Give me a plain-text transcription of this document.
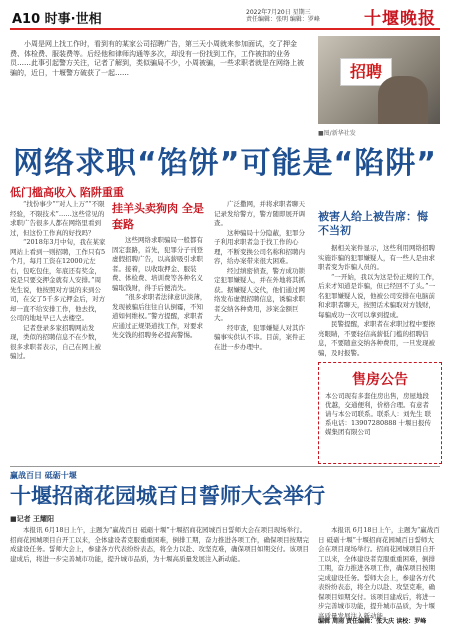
A10 时事·世相	2022年7月20日 星期三
责任编辑：张明 编辑：罗峰	十堰晚报
小周是网上找工作时，看到有的某家公司招聘广告，第三天小周就来参加面试，交了押金费、体检费、服装费等。后经他和律师沟通等多次，却没有一份找到工作，工作被扣的业务员……此事引起警方关注，记者了解到，类似骗局不少，小周被骗，一些求职者就是在网络上被骗的，近日，十堰警方破获了一起……	招聘
■图/新华社发
网络求职“馅饼”可能是“陷阱”
低门槛高收入 陷阱重重

“找份事少”“对人上万”“不限经验，不限技术”……这些常见的求职广告很多人都在网络里看到过，但这份工作真的好找吗？

“2018年3月中旬，我在某家网站上看到一则招聘，工作只有5个月，每月工资在12000元左右，包吃包住，年底还有奖金，说是只要交押金就有人安排。”周先生说，他按照对方说的来到公司，在交了5千多元押金后，对方却一直不给安排工作，他去找，公司的地址早已人去楼空。

记者登录多家招聘网站发现，类似的招聘信息不在少数，很多求职者表示，自己在网上被骗过。

挂羊头卖狗肉 全是套路

这些网络求职骗局一般都有固定套路，首先，犯罪分子刊登虚假招聘广告，以高薪吸引求职者。接着，以收取押金、服装费、体检费、培训费等各种名义骗取钱财，得手后便消失。

“很多求职者法律意识淡薄，发现被骗后往往自认倒霉，不知道如何维权。”警方提醒，求职者应通过正规渠道找工作，对要求先交钱的招聘务必提高警惕。

广泛撒网，并将求职者聊天记录发给警方，警方随即展开调查。

这种骗局十分隐蔽，犯罪分子利用求职者急于找工作的心理，不断变换公司名称和招聘内容，给办案带来很大困难。

经过缜密侦查，警方成功锁定犯罪嫌疑人，并在外地将其抓获。据嫌疑人交代，他们通过网络发布虚假招聘信息，诱骗求职者交纳各种费用，涉案金额巨大。

经审查，犯罪嫌疑人对其诈骗事实供认不讳。目前，案件正在进一步办理中。

被害人给上被告席：悔不当初

据相关案件显示，这些利用网络招聘实施诈骗的犯罪嫌疑人，有一些人是由求职者变为诈骗人员的。

“一开始，我以为这是份正规的工作，后来才知道是诈骗，但已经回不了头。”一名犯罪嫌疑人说，他被公司安排在电脑前和求职者聊天，按照话术骗取对方钱财，每骗成功一次可以拿到提成。

民警提醒，求职者在求职过程中要擦亮眼睛，不要轻信高薪低门槛的招聘信息，不要随意交纳各种费用，一旦发现被骗，及时报警。

售房公告
本公司现有多套住房出售，房屋地段优越，交通便利，价格合理。有意者请与本公司联系。联系人：刘先生 联系电话：13907280888 十堰日报传媒集团有限公司
赢战百日 砥砺十堰
十堰招商花园城百日誓师大会举行
■记者 王耀阳

本报讯 6月18日上午，主题为“赢战百日 砥砺十堰”十堰招商花园城百日誓师大会在项目现场举行。招商花园城项目自开工以来，全体建设者克服重重困难，倒排工期，奋力推进各项工作，确保项目按期完成建设任务。誓师大会上，参建各方代表纷纷表态，将全力以赴、攻坚克难，确保项目如期交付。该项目建成后，将进一步完善城市功能，提升城市品质，为十堰高质量发展注入新动能。

本报讯 6月18日上午，主题为“赢战百日 砥砺十堰”十堰招商花园城百日誓师大会在项目现场举行。招商花园城项目自开工以来，全体建设者克服重重困难，倒排工期，奋力推进各项工作，确保项目按期完成建设任务。誓师大会上，参建各方代表纷纷表态，将全力以赴、攻坚克难，确保项目如期交付。该项目建成后，将进一步完善城市功能，提升城市品质，为十堰高质量发展注入新动能。

编辑 周雨 责任编辑：张大庆 读校：罗峰
